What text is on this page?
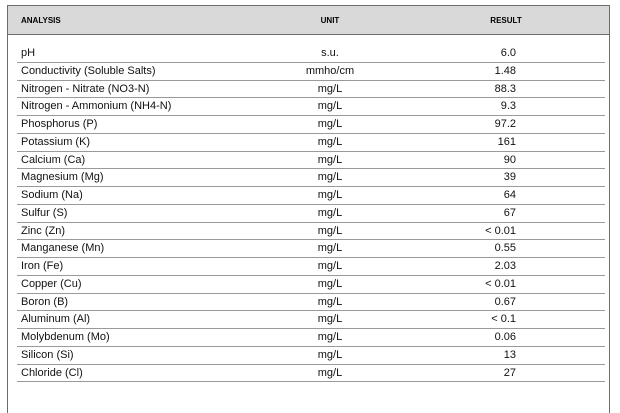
ANALYSIS	UNIT	RESULT
pH	s.u.	6.0
Conductivity (Soluble Salts)	mmho/cm	1.48
Nitrogen - Nitrate (NO3-N)	mg/L	88.3
Nitrogen - Ammonium (NH4-N)	mg/L	9.3
Phosphorus (P)	mg/L	97.2
Potassium (K)	mg/L	161
Calcium (Ca)	mg/L	90
Magnesium (Mg)	mg/L	39
Sodium (Na)	mg/L	64
Sulfur (S)	mg/L	67
Zinc (Zn)	mg/L	< 0.01
Manganese (Mn)	mg/L	0.55
Iron (Fe)	mg/L	2.03
Copper (Cu)	mg/L	< 0.01
Boron (B)	mg/L	0.67
Aluminum (Al)	mg/L	< 0.1
Molybdenum (Mo)	mg/L	0.06
Silicon (Si)	mg/L	13
Chloride (Cl)	mg/L	27
